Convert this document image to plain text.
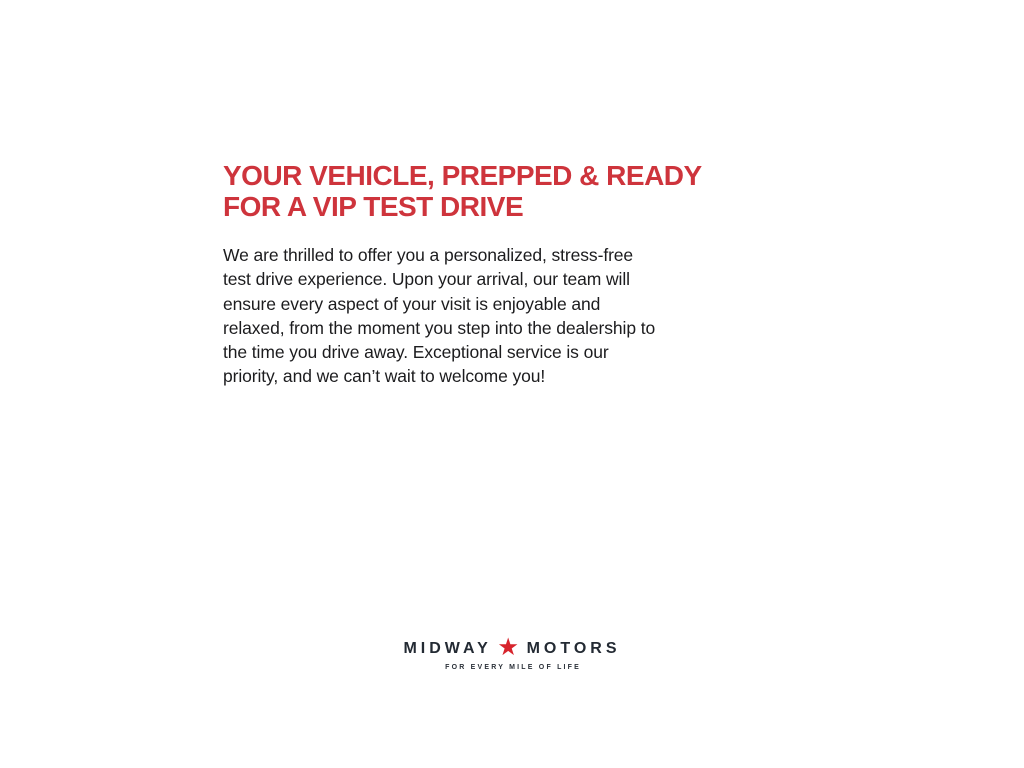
YOUR VEHICLE, PREPPED & READY
FOR A VIP TEST DRIVE
We are thrilled to offer you a personalized, stress-free
test drive experience. Upon your arrival, our team will
ensure every aspect of your visit is enjoyable and
relaxed, from the moment you step into the dealership to
the time you drive away. Exceptional service is our
priority, and we can’t wait to welcome you!
MIDWAY ★ MOTORS
FOR EVERY MILE OF LIFE
